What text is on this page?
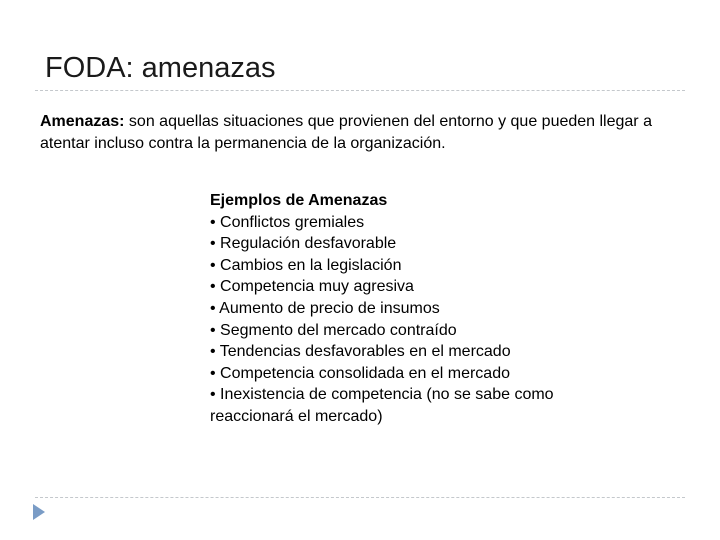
FODA: amenazas

Amenazas: son aquellas situaciones que provienen del entorno y que pueden llegar a atentar incluso contra la permanencia de la organización.

Ejemplos de Amenazas

• Conflictos gremiales
• Regulación desfavorable
• Cambios en la legislación
• Competencia muy agresiva
• Aumento de precio de insumos
• Segmento del mercado contraído
• Tendencias desfavorables en el mercado
• Competencia consolidada en el mercado
• Inexistencia de competencia (no se sabe como reaccionará el mercado)
